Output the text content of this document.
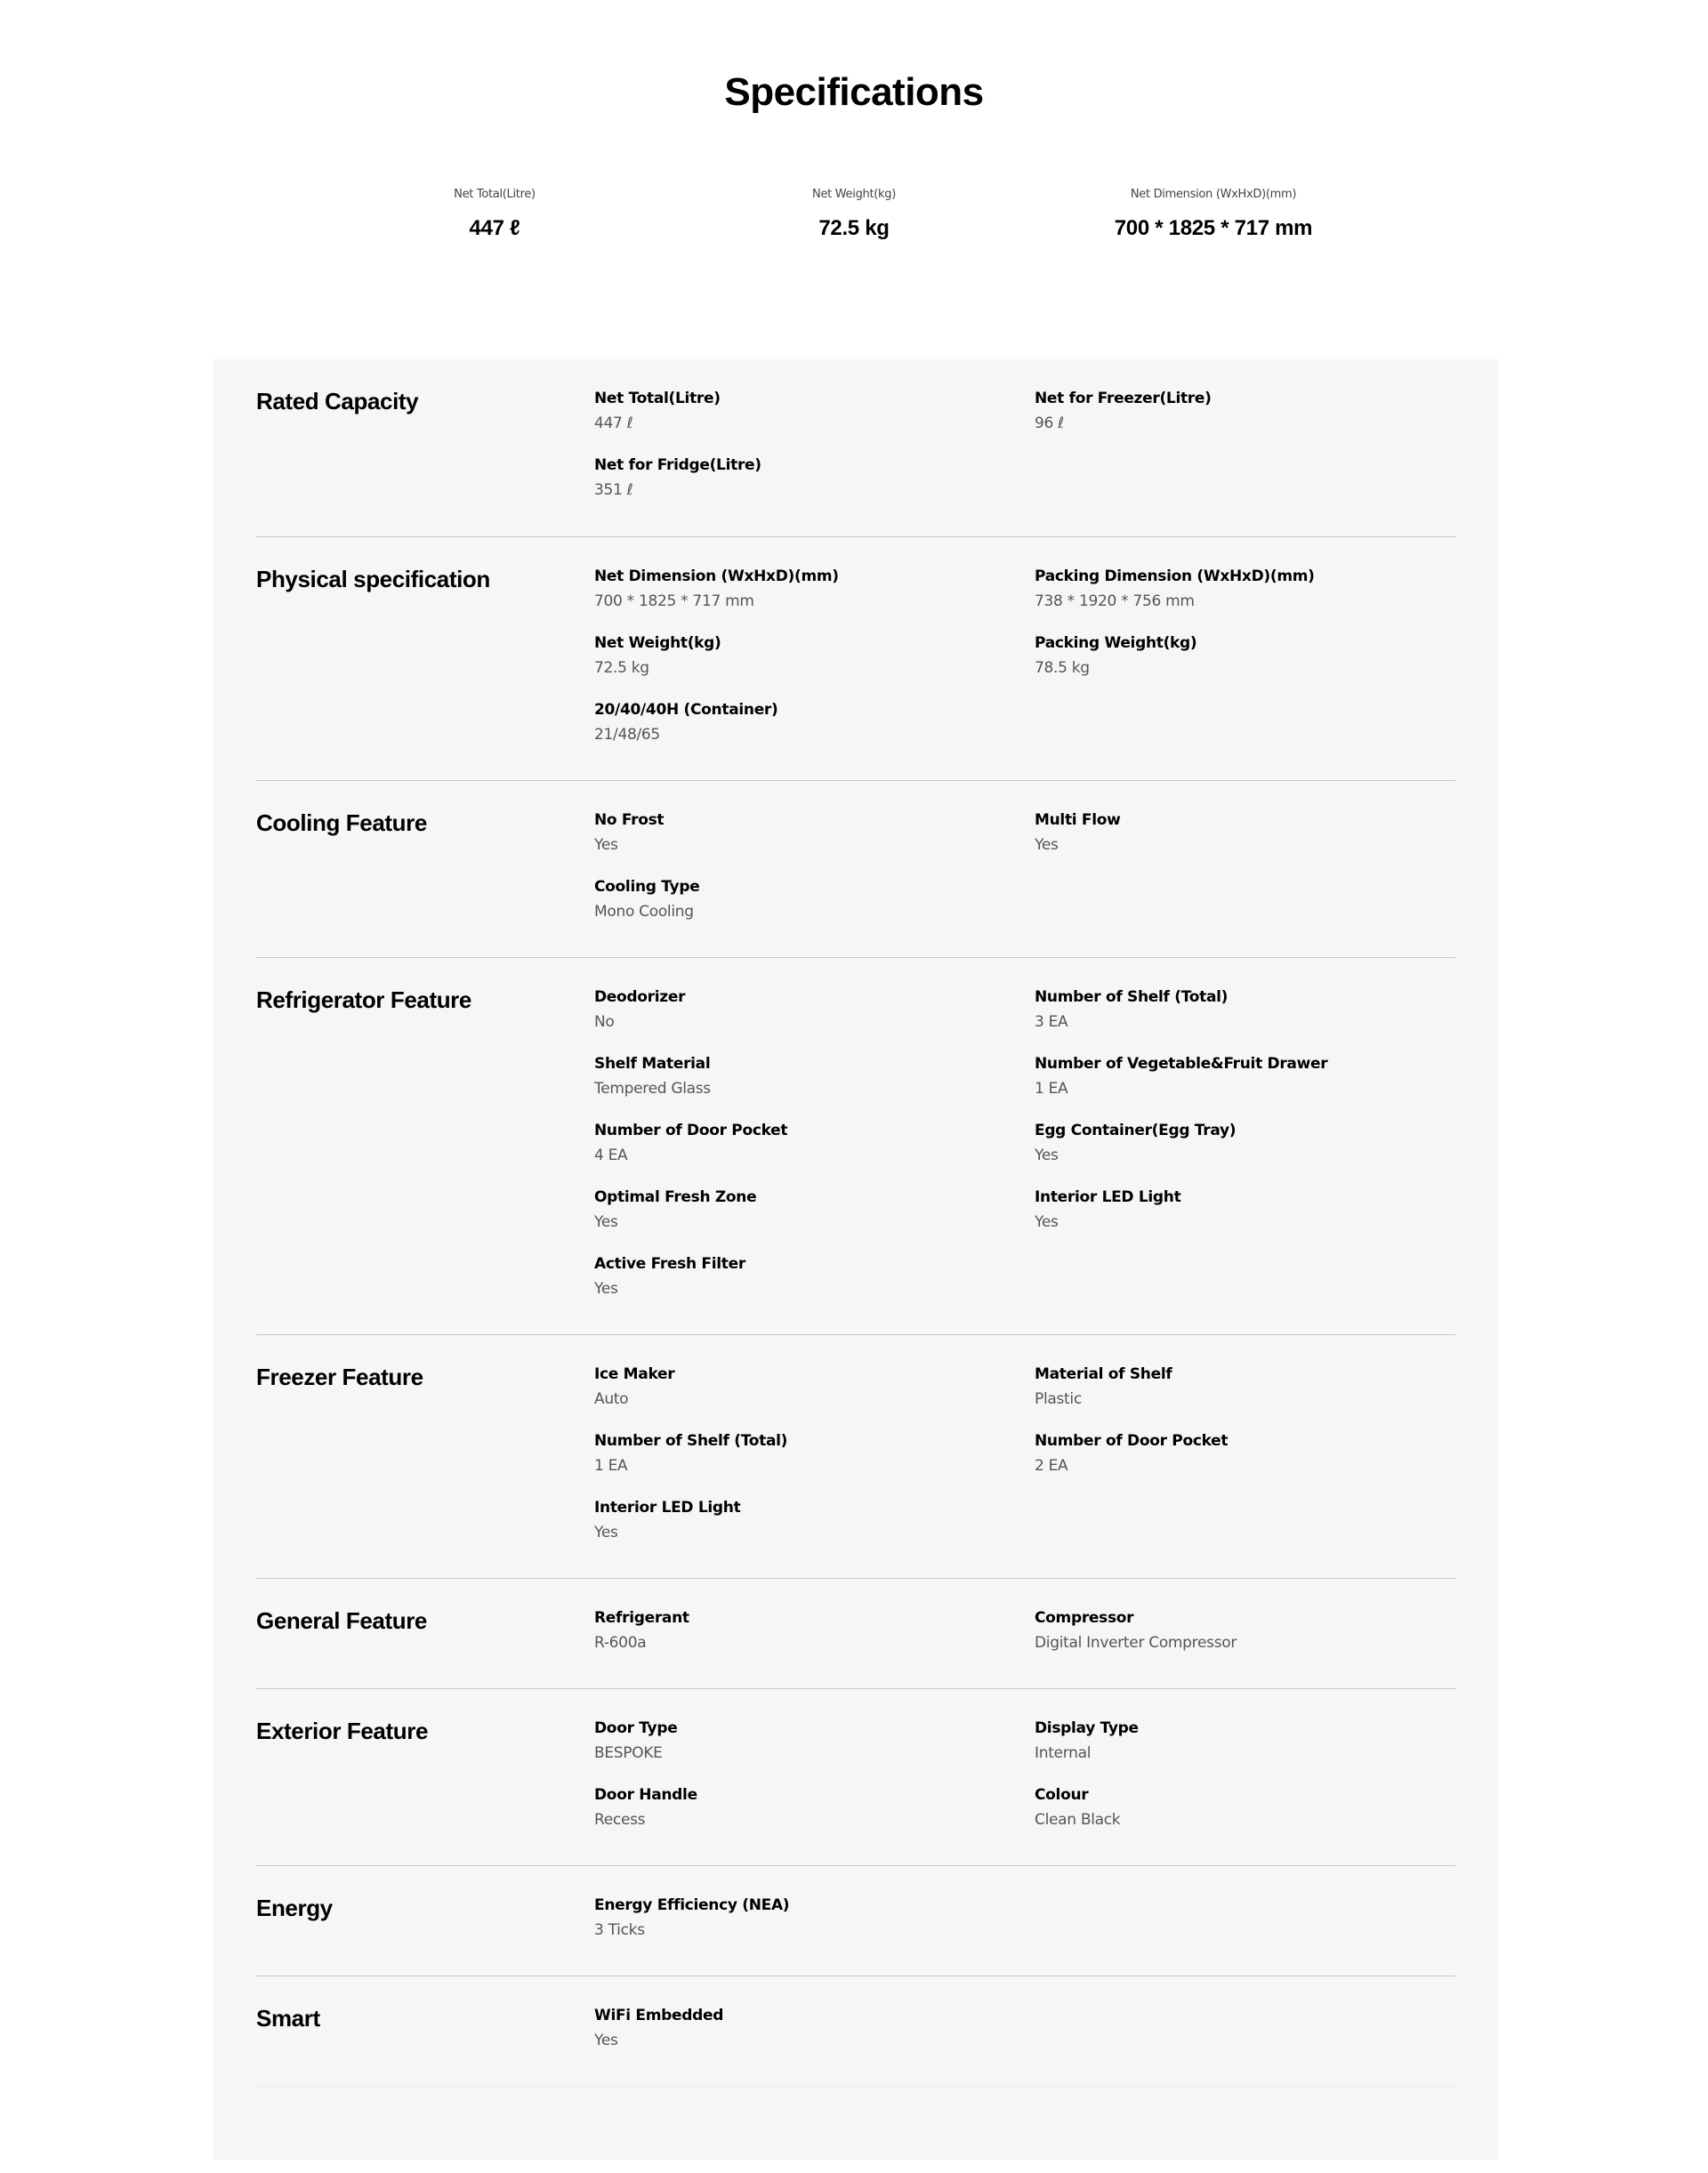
Specifications
Net Total(Litre)
447 ℓ
Net Weight(kg)
72.5 kg
Net Dimension (WxHxD)(mm)
700 * 1825 * 717 mm
Rated Capacity	Net Total(Litre)
447 ℓ
Net for Freezer(Litre)
96 ℓ
Net for Fridge(Litre)
351 ℓ
Physical specification	Net Dimension (WxHxD)(mm)
700 * 1825 * 717 mm
Packing Dimension (WxHxD)(mm)
738 * 1920 * 756 mm
Net Weight(kg)
72.5 kg
Packing Weight(kg)
78.5 kg
20/40/40H (Container)
21/48/65
Cooling Feature	No Frost
Yes
Multi Flow
Yes
Cooling Type
Mono Cooling
Refrigerator Feature	Deodorizer
No
Number of Shelf (Total)
3 EA
Shelf Material
Tempered Glass
Number of Vegetable&Fruit Drawer
1 EA
Number of Door Pocket
4 EA
Egg Container(Egg Tray)
Yes
Optimal Fresh Zone
Yes
Interior LED Light
Yes
Active Fresh Filter
Yes
Freezer Feature	Ice Maker
Auto
Material of Shelf
Plastic
Number of Shelf (Total)
1 EA
Number of Door Pocket
2 EA
Interior LED Light
Yes
General Feature	Refrigerant
R-600a
Compressor
Digital Inverter Compressor
Exterior Feature	Door Type
BESPOKE
Display Type
Internal
Door Handle
Recess
Colour
Clean Black
Energy	Energy Efficiency (NEA)
3 Ticks
Smart	WiFi Embedded
Yes
